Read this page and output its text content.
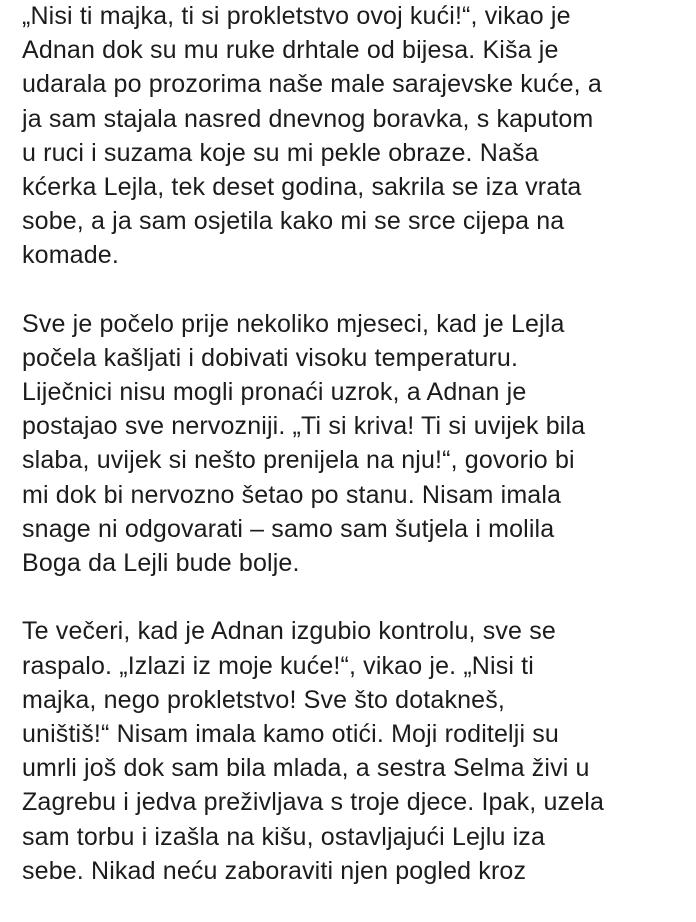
„Nisi ti majka, ti si prokletstvo ovoj kući!“, vikao je
Adnan dok su mu ruke drhtale od bijesa. Kiša je
udarala po prozorima naše male sarajevske kuće, a
ja sam stajala nasred dnevnog boravka, s kaputom
u ruci i suzama koje su mi pekle obraze. Naša
kćerka Lejla, tek deset godina, sakrila se iza vrata
sobe, a ja sam osjetila kako mi se srce cijepa na
komade.
Sve je počelo prije nekoliko mjeseci, kad je Lejla
počela kašljati i dobivati visoku temperaturu.
Liječnici nisu mogli pronaći uzrok, a Adnan je
postajao sve nervozniji. „Ti si kriva! Ti si uvijek bila
slaba, uvijek si nešto prenijela na nju!“, govorio bi
mi dok bi nervozno šetao po stanu. Nisam imala
snage ni odgovarati – samo sam šutjela i molila
Boga da Lejli bude bolje.
Te večeri, kad je Adnan izgubio kontrolu, sve se
raspalo. „Izlazi iz moje kuće!“, vikao je. „Nisi ti
majka, nego prokletstvo! Sve što dotakneš,
uništiš!“ Nisam imala kamo otići. Moji roditelji su
umrli još dok sam bila mlada, a sestra Selma živi u
Zagrebu i jedva preživljava s troje djece. Ipak, uzela
sam torbu i izašla na kišu, ostavljajući Lejlu iza
sebe. Nikad neću zaboraviti njen pogled kroz
